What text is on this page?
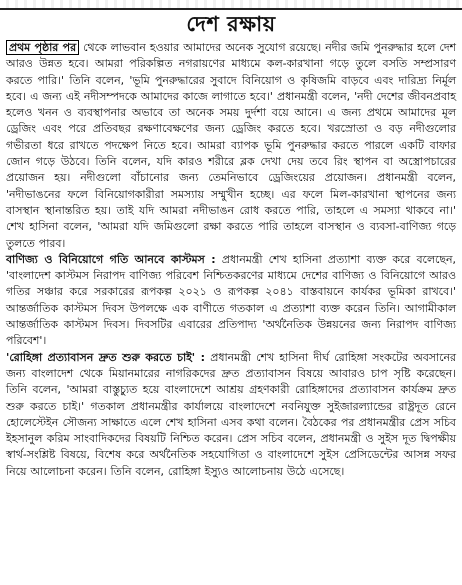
দেশ রক্ষায়

প্রথম পৃষ্ঠার পর থেকে লাভবান হওয়ার আমাদের অনেক সুযোগ রয়েছে। নদীর জমি পুনরুদ্ধার হলে দেশ আরও উন্নত হবে। আমরা পরিকল্পিত নগরায়ণের মাধ্যমে কল-কারখানা গড়ে তুলে বসতি সম্প্রসারণ করতে পারি।' তিনি বলেন, 'ভূমি পুনরুদ্ধারের সুবাদে বিনিয়োগ ও কৃষিজমি বাড়বে এবং দারিদ্র্য নির্মূল হবে। এ জন্য এই নদীসম্পদকে আমাদের কাজে লাগাতে হবে।' প্রধানমন্ত্রী বলেন, 'নদী দেশের জীবনপ্রবাহ হলেও খনন ও ব্যবস্থাপনার অভাবে তা অনেক সময় দুর্দশা বয়ে আনে। এ জন্য প্রথমে আমাদের মূল ড্রেজিং এবং পরে প্রতিবছর রক্ষণাবেক্ষণের জন্য ড্রেজিং করতে হবে। খরস্রোতা ও বড় নদীগুলোর গভীরতা ধরে রাখতে পদক্ষেপ নিতে হবে। আমরা ব্যাপক ভূমি পুনরুদ্ধার করতে পারলে একটি বাফার জোন গড়ে উঠবে। তিনি বলেন, যদি কারও শরীরে ব্লক দেখা দেয় তবে রিং স্থাপন বা অস্ত্রোপচারের প্রয়োজন হয়। নদীগুলো বাঁচানোর জন্য তেমনিভাবে ড্রেজিংয়ের প্রয়োজন। প্রধানমন্ত্রী বলেন, 'নদীভাঙনের ফলে বিনিয়োগকারীরা সমস্যায় সম্মুখীন হচ্ছে। এর ফলে মিল-কারখানা স্থাপনের জন্য বাসস্থান স্থানান্তরিত হয়। তাই যদি আমরা নদীভাঙন রোধ করতে পারি, তাহলে এ সমস্যা থাকবে না।' শেখ হাসিনা বলেন, 'আমরা যদি জমিগুলো রক্ষা করতে পারি তাহলে বাসস্থান ও ব্যবসা-বাণিজ্য গড়ে তুলতে পারব।

বাণিজ্য ও বিনিয়োগে গতি আনবে কাস্টমস : প্রধানমন্ত্রী শেখ হাসিনা প্রত্যাশা ব্যক্ত করে বলেছেন, 'বাংলাদেশ কাস্টমস নিরাপদ বাণিজ্য পরিবেশ নিশ্চিতকরণের মাধ্যমে দেশের বাণিজ্য ও বিনিয়োগে আরও গতির সঞ্চার করে সরকারের রূপকল্প ২০২১ ও রূপকল্প ২০৪১ বাস্তবায়নে কার্যকর ভূমিকা রাখবে।' আন্তর্জাতিক কাস্টমস দিবস উপলক্ষে এক বাণীতে গতকাল এ প্রত্যাশা ব্যক্ত করেন তিনি। আগামীকাল আন্তর্জাতিক কাস্টমস দিবস। দিবসটির এবারের প্রতিপাদ্য 'অর্থনৈতিক উন্নয়নের জন্য নিরাপদ বাণিজ্য পরিবেশ'।

'রোহিঙ্গা প্রত্যাবাসন দ্রুত শুরু করতে চাই' : প্রধানমন্ত্রী শেখ হাসিনা দীর্ঘ রোহিঙ্গা সংকটের অবসানের জন্য বাংলাদেশ থেকে মিয়ানমারের নাগরিকদের দ্রুত প্রত্যাবাসন বিষয়ে আবারও চাপ সৃষ্টি করেছেন। তিনি বলেন, 'আমরা বাস্তুচ্যুত হয়ে বাংলাদেশে আশ্রয় গ্রহণকারী রোহিঙ্গাদের প্রত্যাবাসন কার্যক্রম দ্রুত শুরু করতে চাই।' গতকাল প্রধানমন্ত্রীর কার্যালয়ে বাংলাদেশে নবনিযুক্ত সুইজারল্যান্ডের রাষ্ট্রদূত রেনে হোলেস্টেইন সৌজন্য সাক্ষাতে এলে শেখ হাসিনা এসব কথা বলেন। বৈঠকের পর প্রধানমন্ত্রীর প্রেস সচিব ইহসানুল করিম সাংবাদিকদের বিষয়টি নিশ্চিত করেন। প্রেস সচিব বলেন, প্রধানমন্ত্রী ও সুইস দূত দ্বিপক্ষীয় স্বার্থ-সংশ্লিষ্ট বিষয়ে, বিশেষ করে অর্থনৈতিক সহযোগিতা ও বাংলাদেশে সুইস প্রেসিডেন্টের আসন্ন সফর নিয়ে আলোচনা করেন। তিনি বলেন, রোহিঙ্গা ইস্যুও আলোচনায় উঠে এসেছে।
